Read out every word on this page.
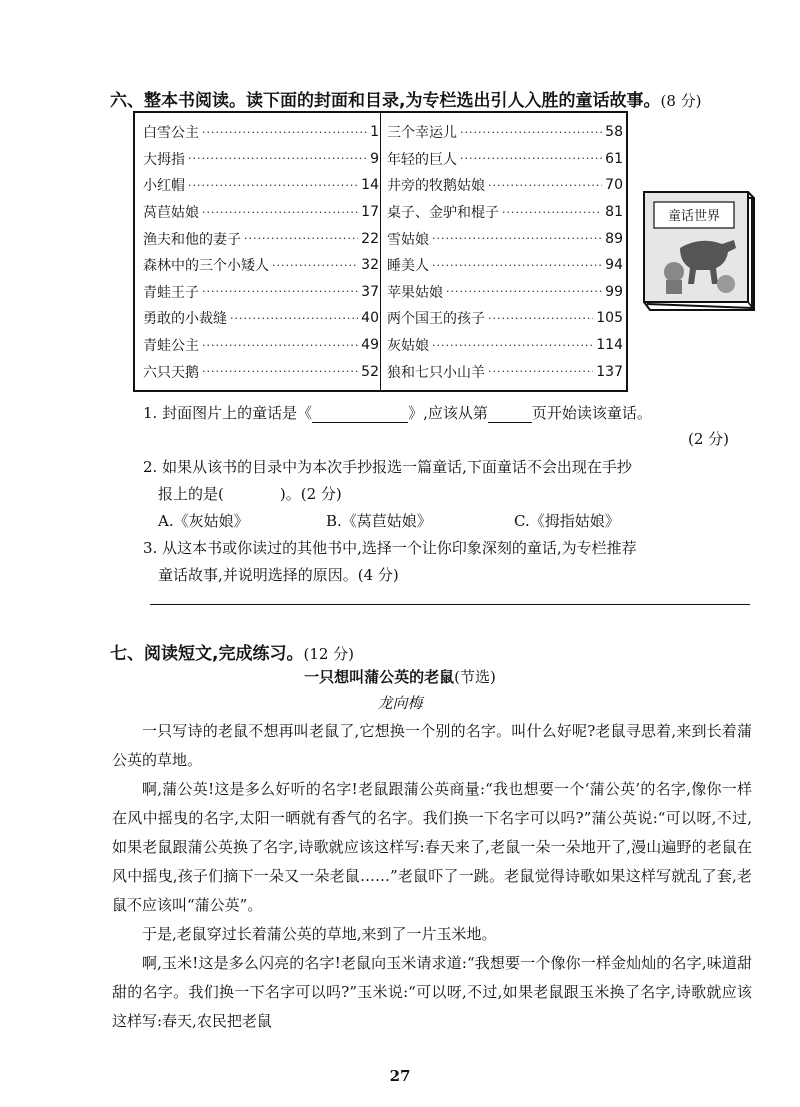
六、整本书阅读。读下面的封面和目录,为专栏选出引人入胜的童话故事。(8 分)
白雪公主 ·····	1
大拇指 ·····	9
小红帽 ·····	14
莴苣姑娘 ·····	17
渔夫和他的妻子 ·····	22
森林中的三个小矮人 ·····	32
青蛙王子 ·····	37
勇敢的小裁缝 ·····	40
青蛙公主 ·····	49
六只天鹅 ·····	52
三个幸运儿 ·····	58
年轻的巨人 ·····	61
井旁的牧鹅姑娘 ·····	70
桌子、金驴和棍子 ·····	81
雪姑娘 ·····	89
睡美人 ·····	94
苹果姑娘 ·····	99
两个国王的孩子 ·····	105
灰姑娘 ·····	114
狼和七只小山羊 ·····	137
童话世界
1. 封面图片上的童话是《	》,应该从第	页开始读该童话。
(2 分)
2. 如果从该书的目录中为本次手抄报选一篇童话,下面童话不会出现在手抄
报上的是(	)。(2 分)
A.《灰姑娘》	B.《莴苣姑娘》	C.《拇指姑娘》
3. 从这本书或你读过的其他书中,选择一个让你印象深刻的童话,为专栏推荐
童话故事,并说明选择的原因。(4 分)
七、阅读短文,完成练习。(12 分)
一只想叫蒲公英的老鼠(节选)
龙向梅

一只写诗的老鼠不想再叫老鼠了,它想换一个别的名字。叫什么好呢?老鼠寻思着,来到长着蒲公英的草地。

啊,蒲公英!这是多么好听的名字!老鼠跟蒲公英商量:“我也想要一个‘蒲公英’的名字,像你一样在风中摇曳的名字,太阳一晒就有香气的名字。我们换一下名字可以吗?”蒲公英说:“可以呀,不过,如果老鼠跟蒲公英换了名字,诗歌就应该这样写:春天来了,老鼠一朵一朵地开了,漫山遍野的老鼠在风中摇曳,孩子们摘下一朵又一朵老鼠……”老鼠吓了一跳。老鼠觉得诗歌如果这样写就乱了套,老鼠不应该叫“蒲公英”。

于是,老鼠穿过长着蒲公英的草地,来到了一片玉米地。

啊,玉米!这是多么闪亮的名字!老鼠向玉米请求道:“我想要一个像你一样金灿灿的名字,味道甜甜的名字。我们换一下名字可以吗?”玉米说:“可以呀,不过,如果老鼠跟玉米换了名字,诗歌就应该这样写:春天,农民把老鼠

27
